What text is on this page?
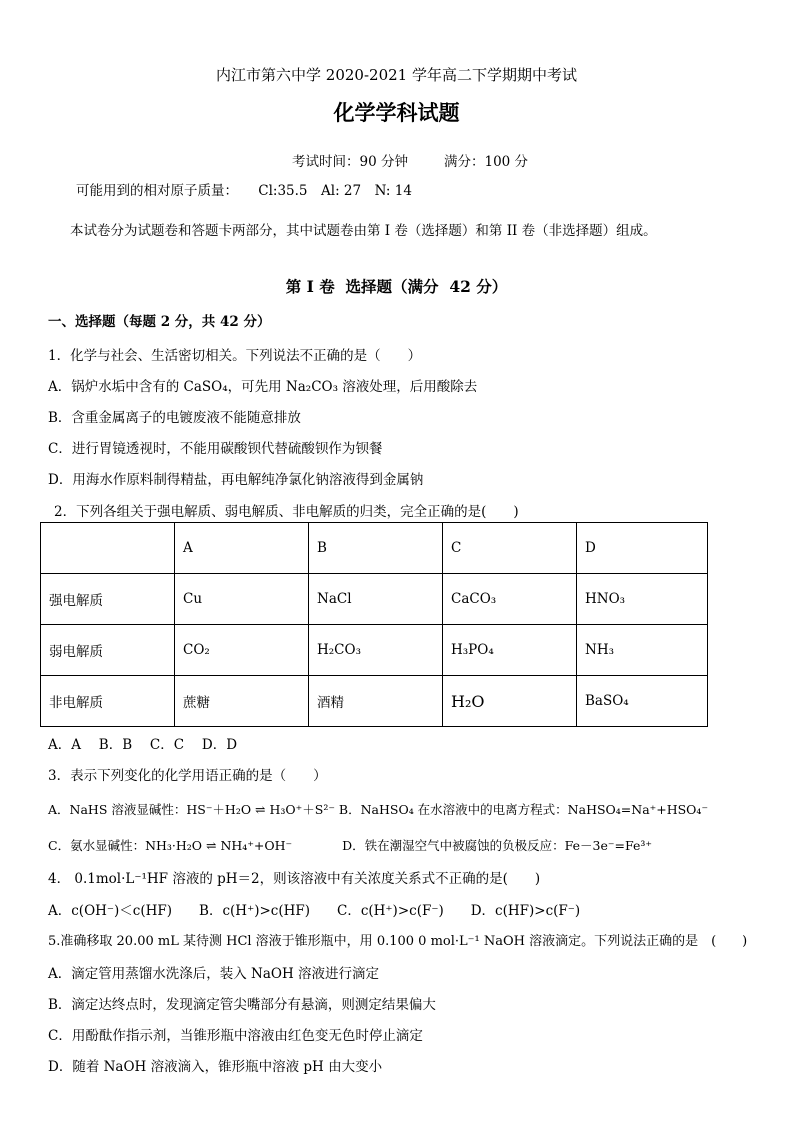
内江市第六中学 2020-2021 学年高二下学期期中考试
化学学科试题
考试时间：90 分钟	满分：100 分
可能用到的相对原子质量：　　Cl:35.5　Al: 27　N: 14
本试卷分为试题卷和答题卡两部分，其中试题卷由第 I 卷（选择题）和第 II 卷（非选择题）组成。
第 I 卷  选择题（满分  42 分）
一、选择题（每题 2 分，共 42 分）
1．化学与社会、生活密切相关。下列说法不正确的是（　　）
A．锅炉水垢中含有的 CaSO₄，可先用 Na₂CO₃ 溶液处理，后用酸除去
B．含重金属离子的电镀废液不能随意排放
C．进行胃镜透视时，不能用碳酸钡代替硫酸钡作为钡餐
D．用海水作原料制得精盐，再电解纯净氯化钠溶液得到金属钠
2．下列各组关于强电解质、弱电解质、非电解质的归类，完全正确的是(　　)
	A	B	C	D
强电解质	Cu	NaCl	CaCO₃	HNO₃
弱电解质	CO₂	H₂CO₃	H₃PO₄	NH₃
非电解质	蔗糖	酒精	H₂O	BaSO₄
A．A　 B．B　 C．C　 D．D
3．表示下列变化的化学用语正确的是（　　）
A．NaHS 溶液显碱性：HS⁻＋H₂O ⇌ H₃O⁺＋S²⁻ B．NaHSO₄ 在水溶液中的电离方程式：NaHSO₄=Na⁺+HSO₄⁻
C．氨水显碱性：NH₃·H₂O ⇌ NH₄⁺+OH⁻　　　　D．铁在潮湿空气中被腐蚀的负极反应：Fe－3e⁻=Fe³⁺
4． 0.1mol·L⁻¹HF 溶液的 pH＝2，则该溶液中有关浓度关系式不正确的是(　　)
A．c(OH⁻)＜c(HF)　　B．c(H⁺)>c(HF)　　C．c(H⁺)>c(F⁻)　　D．c(HF)>c(F⁻)
5.准确移取 20.00 mL 某待测 HCl 溶液于锥形瓶中，用 0.100 0 mol·L⁻¹ NaOH 溶液滴定。下列说法正确的是　(　　)
A．滴定管用蒸馏水洗涤后，装入 NaOH 溶液进行滴定
B．滴定达终点时，发现滴定管尖嘴部分有悬滴，则测定结果偏大
C．用酚酞作指示剂，当锥形瓶中溶液由红色变无色时停止滴定
D．随着 NaOH 溶液滴入，锥形瓶中溶液 pH 由大变小
